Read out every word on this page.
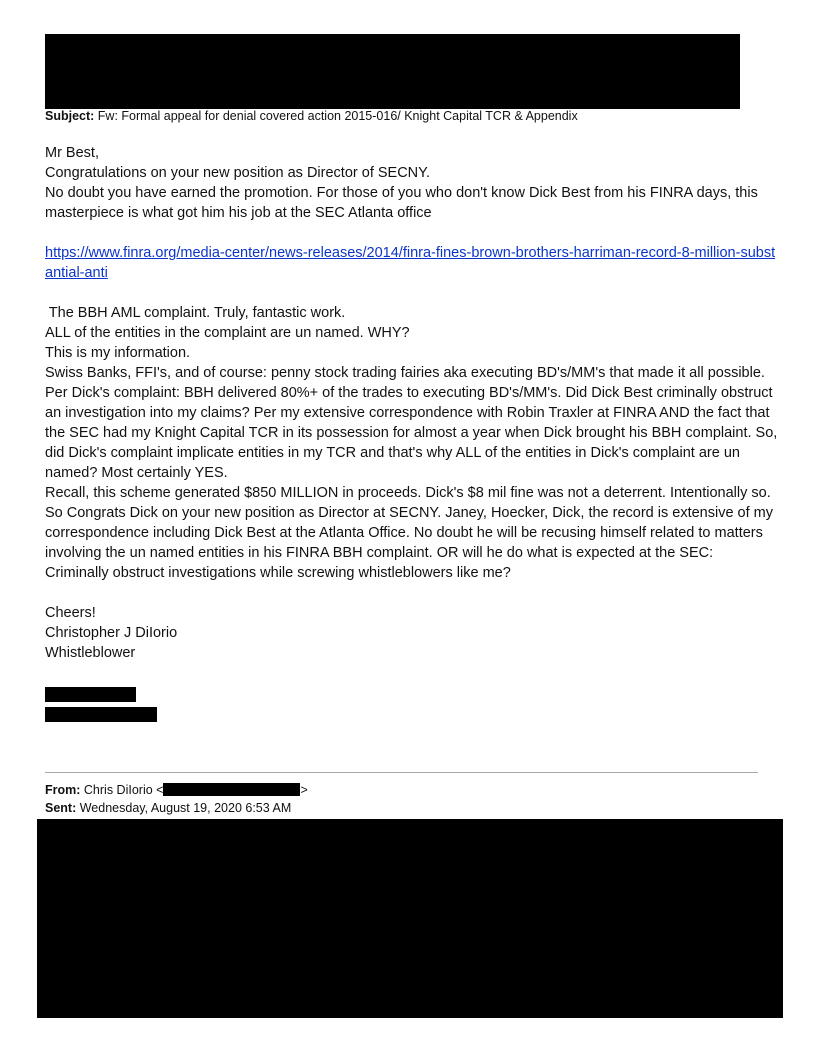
Subject: Fw: Formal appeal for denial covered action 2015-016/ Knight Capital TCR & Appendix

Mr Best,

Congratulations on your new position as Director of SECNY.

No doubt you have earned the promotion. For those of you who don't know Dick Best from his FINRA days, this masterpiece is what got him his job at the SEC Atlanta office

https://www.finra.org/media-center/news-releases/2014/finra-fines-brown-brothers-harriman-record-8-million-substantial-anti

The BBH AML complaint. Truly, fantastic work.

ALL of the entities in the complaint are un named. WHY?

This is my information.

Swiss Banks, FFI's, and of course: penny stock trading fairies aka executing BD's/MM's that made it all possible.

Per Dick's complaint: BBH delivered 80%+ of the trades to executing BD's/MM's. Did Dick Best criminally obstruct an investigation into my claims? Per my extensive correspondence with Robin Traxler at FINRA AND the fact that the SEC had my Knight Capital TCR in its possession for almost a year when Dick brought his BBH complaint. So, did Dick's complaint implicate entities in my TCR and that's why ALL of the entities in Dick's complaint are un named? Most certainly YES.

Recall, this scheme generated $850 MILLION in proceeds. Dick's $8 mil fine was not a deterrent. Intentionally so.

So Congrats Dick on your new position as Director at SECNY. Janey, Hoecker, Dick, the record is extensive of my correspondence including Dick Best at the Atlanta Office. No doubt he will be recusing himself related to matters involving the un named entities in his FINRA BBH complaint. OR will he do what is expected at the SEC: Criminally obstruct investigations while screwing whistleblowers like me?

Cheers!

Christopher J DiIorio

Whistleblower

From: Chris DiIorio <	>
Sent: Wednesday, August 19, 2020 6:53 AM
